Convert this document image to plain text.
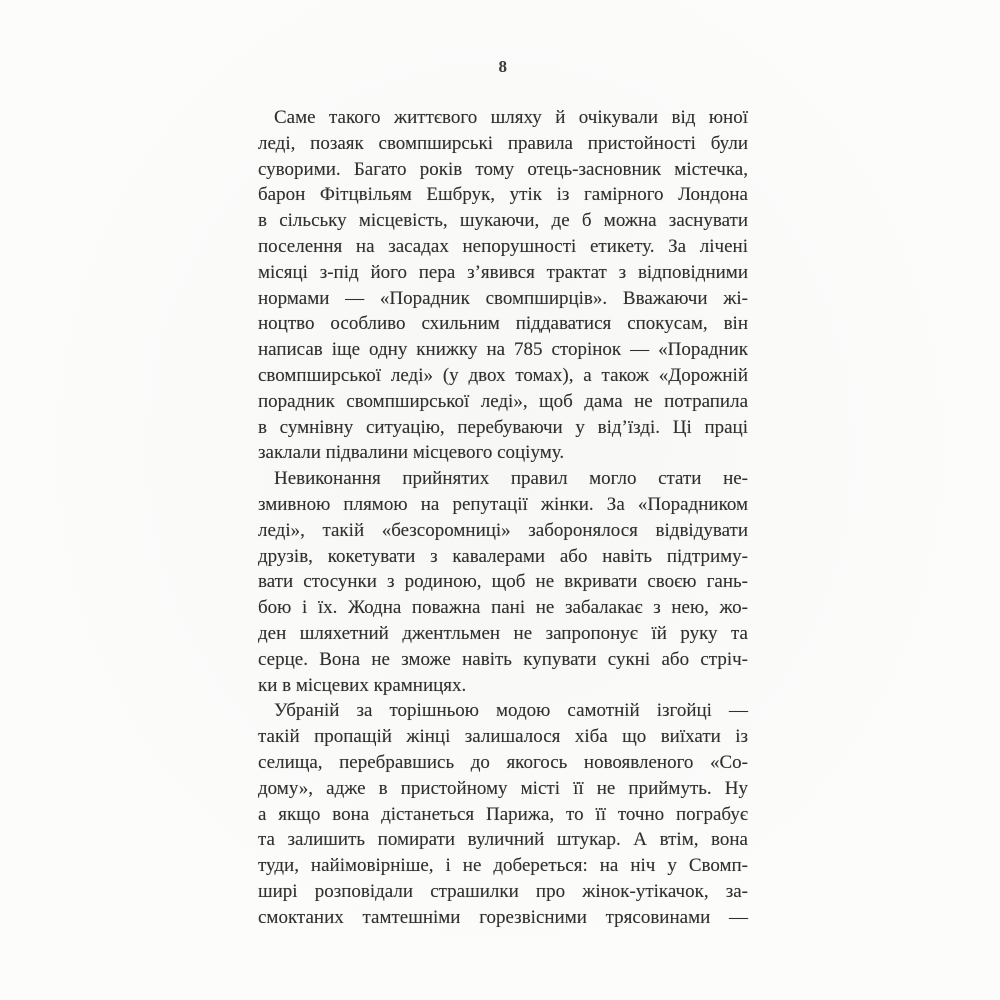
8
Саме такого життєвого шляху й очікували від юної
леді, позаяк свомпширські правила пристойності були
суворими. Багато років тому отець-засновник містечка,
барон Фітцвільям Ешбрук, утік із гамірного Лондона
в сільську місцевість, шукаючи, де б можна заснувати
поселення на засадах непорушності етикету. За лічені
місяці з-під його пера з’явився трактат з відповідними
нормами — «Порадник свомпширців». Вважаючи жі-
ноцтво особливо схильним піддаватися спокусам, він
написав іще одну книжку на 785 сторінок — «Порадник
свомпширської леді» (у двох томах), а також «Дорожній
порадник свомпширської леді», щоб дама не потрапила
в сумнівну ситуацію, перебуваючи у від’їзді. Ці праці
заклали підвалини місцевого соціуму.
Невиконання прийнятих правил могло стати не-
змивною плямою на репутації жінки. За «Порадником
леді», такій «безсоромниці» заборонялося відвідувати
друзів, кокетувати з кавалерами або навіть підтриму-
вати стосунки з родиною, щоб не вкривати своєю гань-
бою і їх. Жодна поважна пані не забалакає з нею, жо-
ден шляхетний джентльмен не запропонує їй руку та
серце. Вона не зможе навіть купувати сукні або стріч-
ки в місцевих крамницях.
Убраній за торішньою модою самотній ізгойці —
такій пропащій жінці залишалося хіба що виїхати із
селища, перебравшись до якогось новоявленого «Со-
дому», адже в пристойному місті її не приймуть. Ну
а якщо вона дістанеться Парижа, то її точно пограбує
та залишить помирати вуличний штукар. А втім, вона
туди, найімовірніше, і не добереться: на ніч у Свомп-
ширі розповідали страшилки про жінок-утікачок, за-
смоктаних тамтешніми горезвісними трясовинами —
